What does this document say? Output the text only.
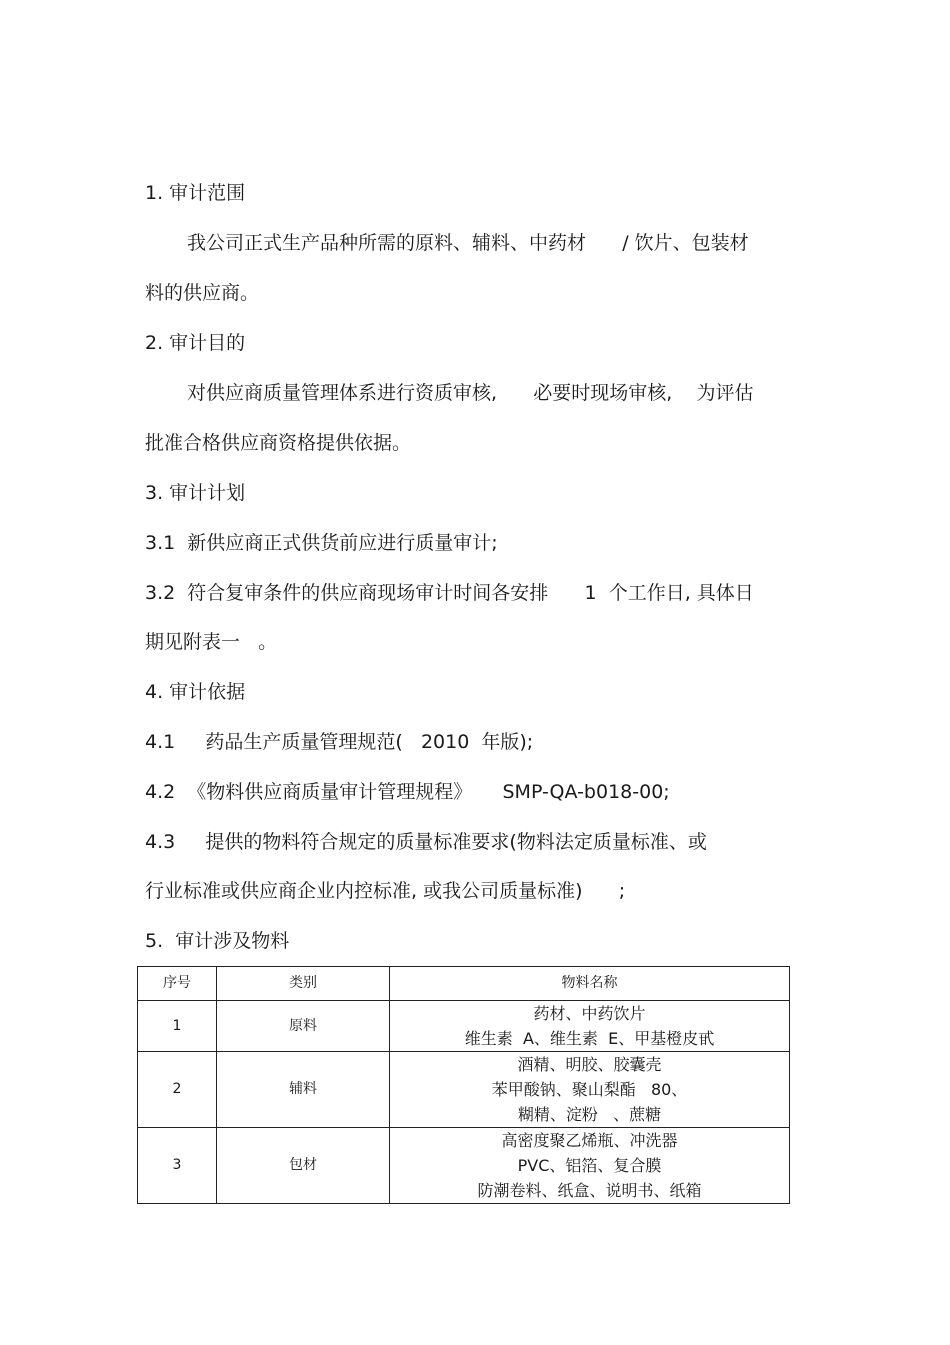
1. 审计范围
我公司正式生产品种所需的原料、辅料、中药材      / 饮片、包装材
料的供应商。
2. 审计目的
对供应商质量管理体系进行资质审核,      必要时现场审核,    为评估
批准合格供应商资格提供依据。
3. 审计计划
3.1  新供应商正式供货前应进行质量审计;
3.2  符合复审条件的供应商现场审计时间各安排      1  个工作日, 具体日
期见附表一   。
4. 审计依据
4.1     药品生产质量管理规范(   2010  年版);
4.2  《物料供应商质量审计管理规程》     SMP-QA-b018-00;
4.3     提供的物料符合规定的质量标准要求(物料法定质量标准、或
行业标准或供应商企业内控标准, 或我公司质量标准)      ;
5.  审计涉及物料
序号	类别	物料名称
1	原料	药材、中药饮片
维生素  A、维生素  E、甲基橙皮甙

2	辅料	酒精、明胶、胶囊壳
苯甲酸钠、聚山梨酯   80、
糊精、淀粉   、蔗糖

3	包材	高密度聚乙烯瓶、冲洗器
PVC、铝箔、复合膜
防潮卷料、纸盒、说明书、纸箱
